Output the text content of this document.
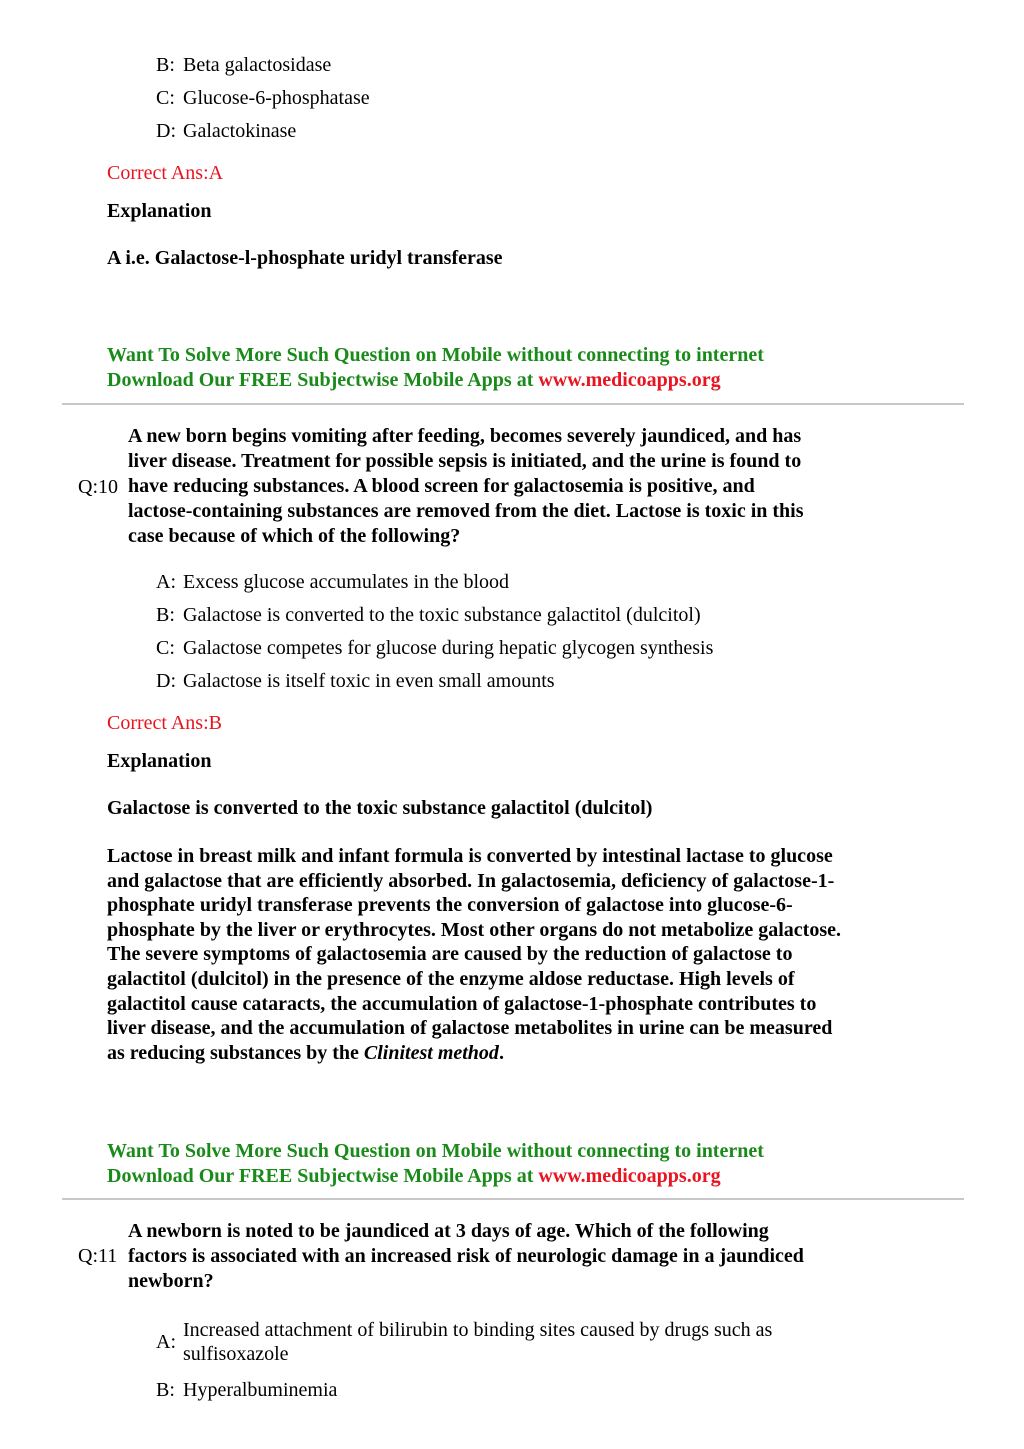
B: Beta galactosidase
C: Glucose-6-phosphatase
D: Galactokinase
Correct Ans:A
Explanation
A i.e. Galactose-l-phosphate uridyl transferase
Want To Solve More Such Question on Mobile without connecting to internet
Download Our FREE Subjectwise Mobile Apps at www.medicoapps.org
Q:10
A new born begins vomiting after feeding, becomes severely jaundiced, and has
liver disease. Treatment for possible sepsis is initiated, and the urine is found to
have reducing substances. A blood screen for galactosemia is positive, and
lactose-containing substances are removed from the diet. Lactose is toxic in this
case because of which of the following?
A: Excess glucose accumulates in the blood
B: Galactose is converted to the toxic substance galactitol (dulcitol)
C: Galactose competes for glucose during hepatic glycogen synthesis
D: Galactose is itself toxic in even small amounts
Correct Ans:B
Explanation
Galactose is converted to the toxic substance galactitol (dulcitol)
Lactose in breast milk and infant formula is converted by intestinal lactase to glucose
and galactose that are efficiently absorbed. In galactosemia, deficiency of galactose-1-
phosphate uridyl transferase prevents the conversion of galactose into glucose-6-
phosphate by the liver or erythrocytes. Most other organs do not metabolize galactose.
The severe symptoms of galactosemia are caused by the reduction of galactose to
galactitol (dulcitol) in the presence of the enzyme aldose reductase. High levels of
galactitol cause cataracts, the accumulation of galactose-1-phosphate contributes to
liver disease, and the accumulation of galactose metabolites in urine can be measured
as reducing substances by the Clinitest method.
Want To Solve More Such Question on Mobile without connecting to internet
Download Our FREE Subjectwise Mobile Apps at www.medicoapps.org
Q:11
A newborn is noted to be jaundiced at 3 days of age. Which of the following
factors is associated with an increased risk of neurologic damage in a jaundiced
newborn?
A:
Increased attachment of bilirubin to binding sites caused by drugs such as
sulfisoxazole
B: Hyperalbuminemia
